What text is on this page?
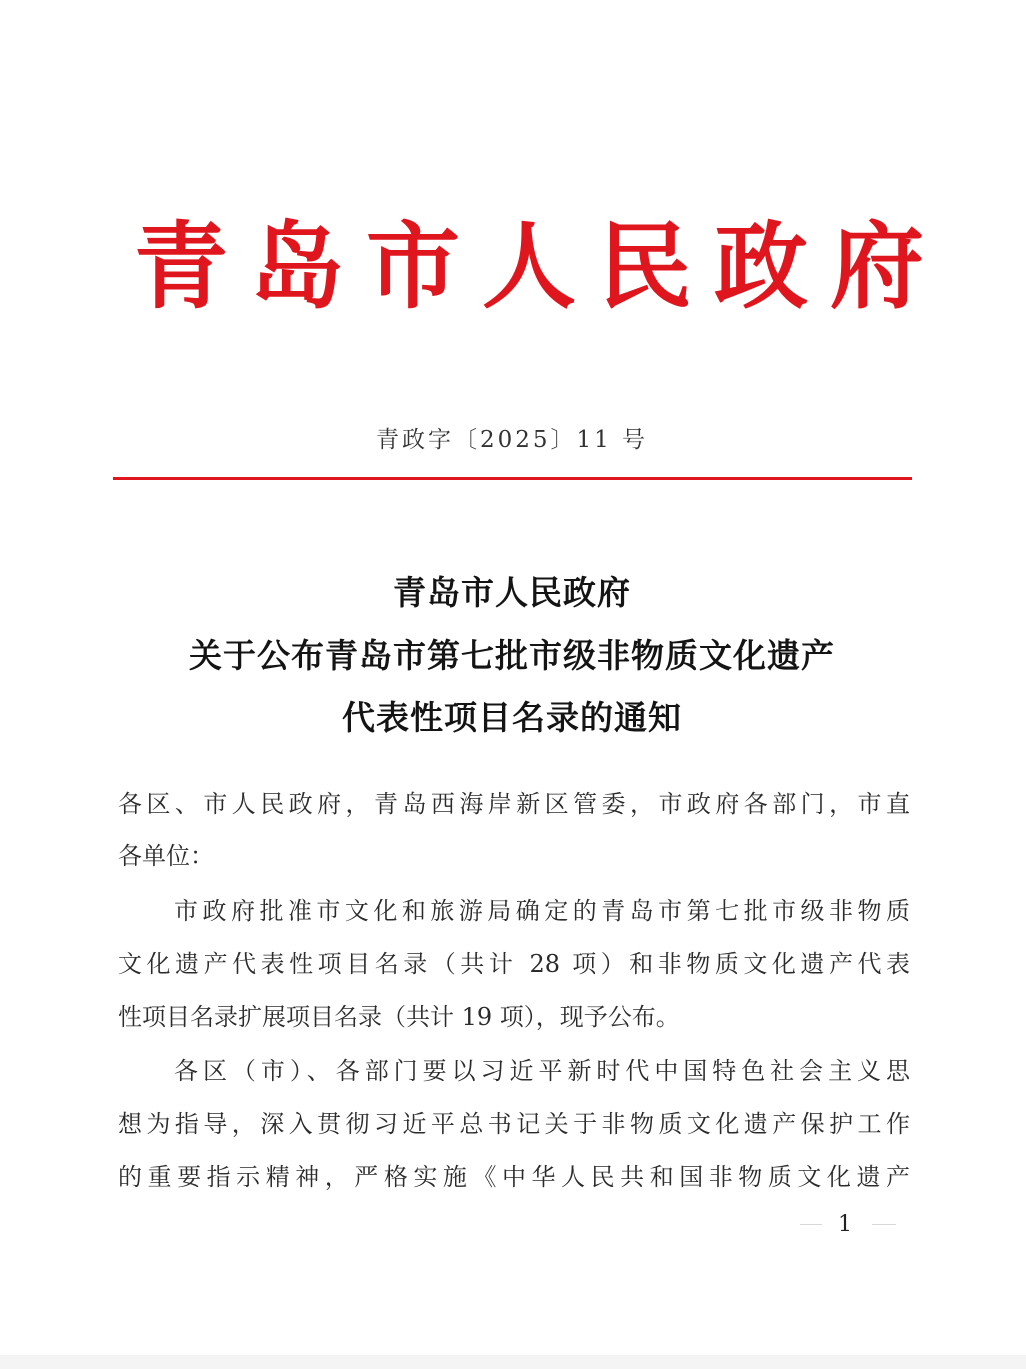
青岛市人民政府
青政字〔2025〕11 号
青岛市人民政府
关于公布青岛市第七批市级非物质文化遗产
代表性项目名录的通知
各区、市人民政府，青岛西海岸新区管委，市政府各部门，市直
各单位：
市政府批准市文化和旅游局确定的青岛市第七批市级非物质
文化遗产代表性项目名录（共计 28 项）和非物质文化遗产代表
性项目名录扩展项目名录（共计 19 项），现予公布。
各区（市）、各部门要以习近平新时代中国特色社会主义思
想为指导，深入贯彻习近平总书记关于非物质文化遗产保护工作
的重要指示精神，严格实施《中华人民共和国非物质文化遗产
1
